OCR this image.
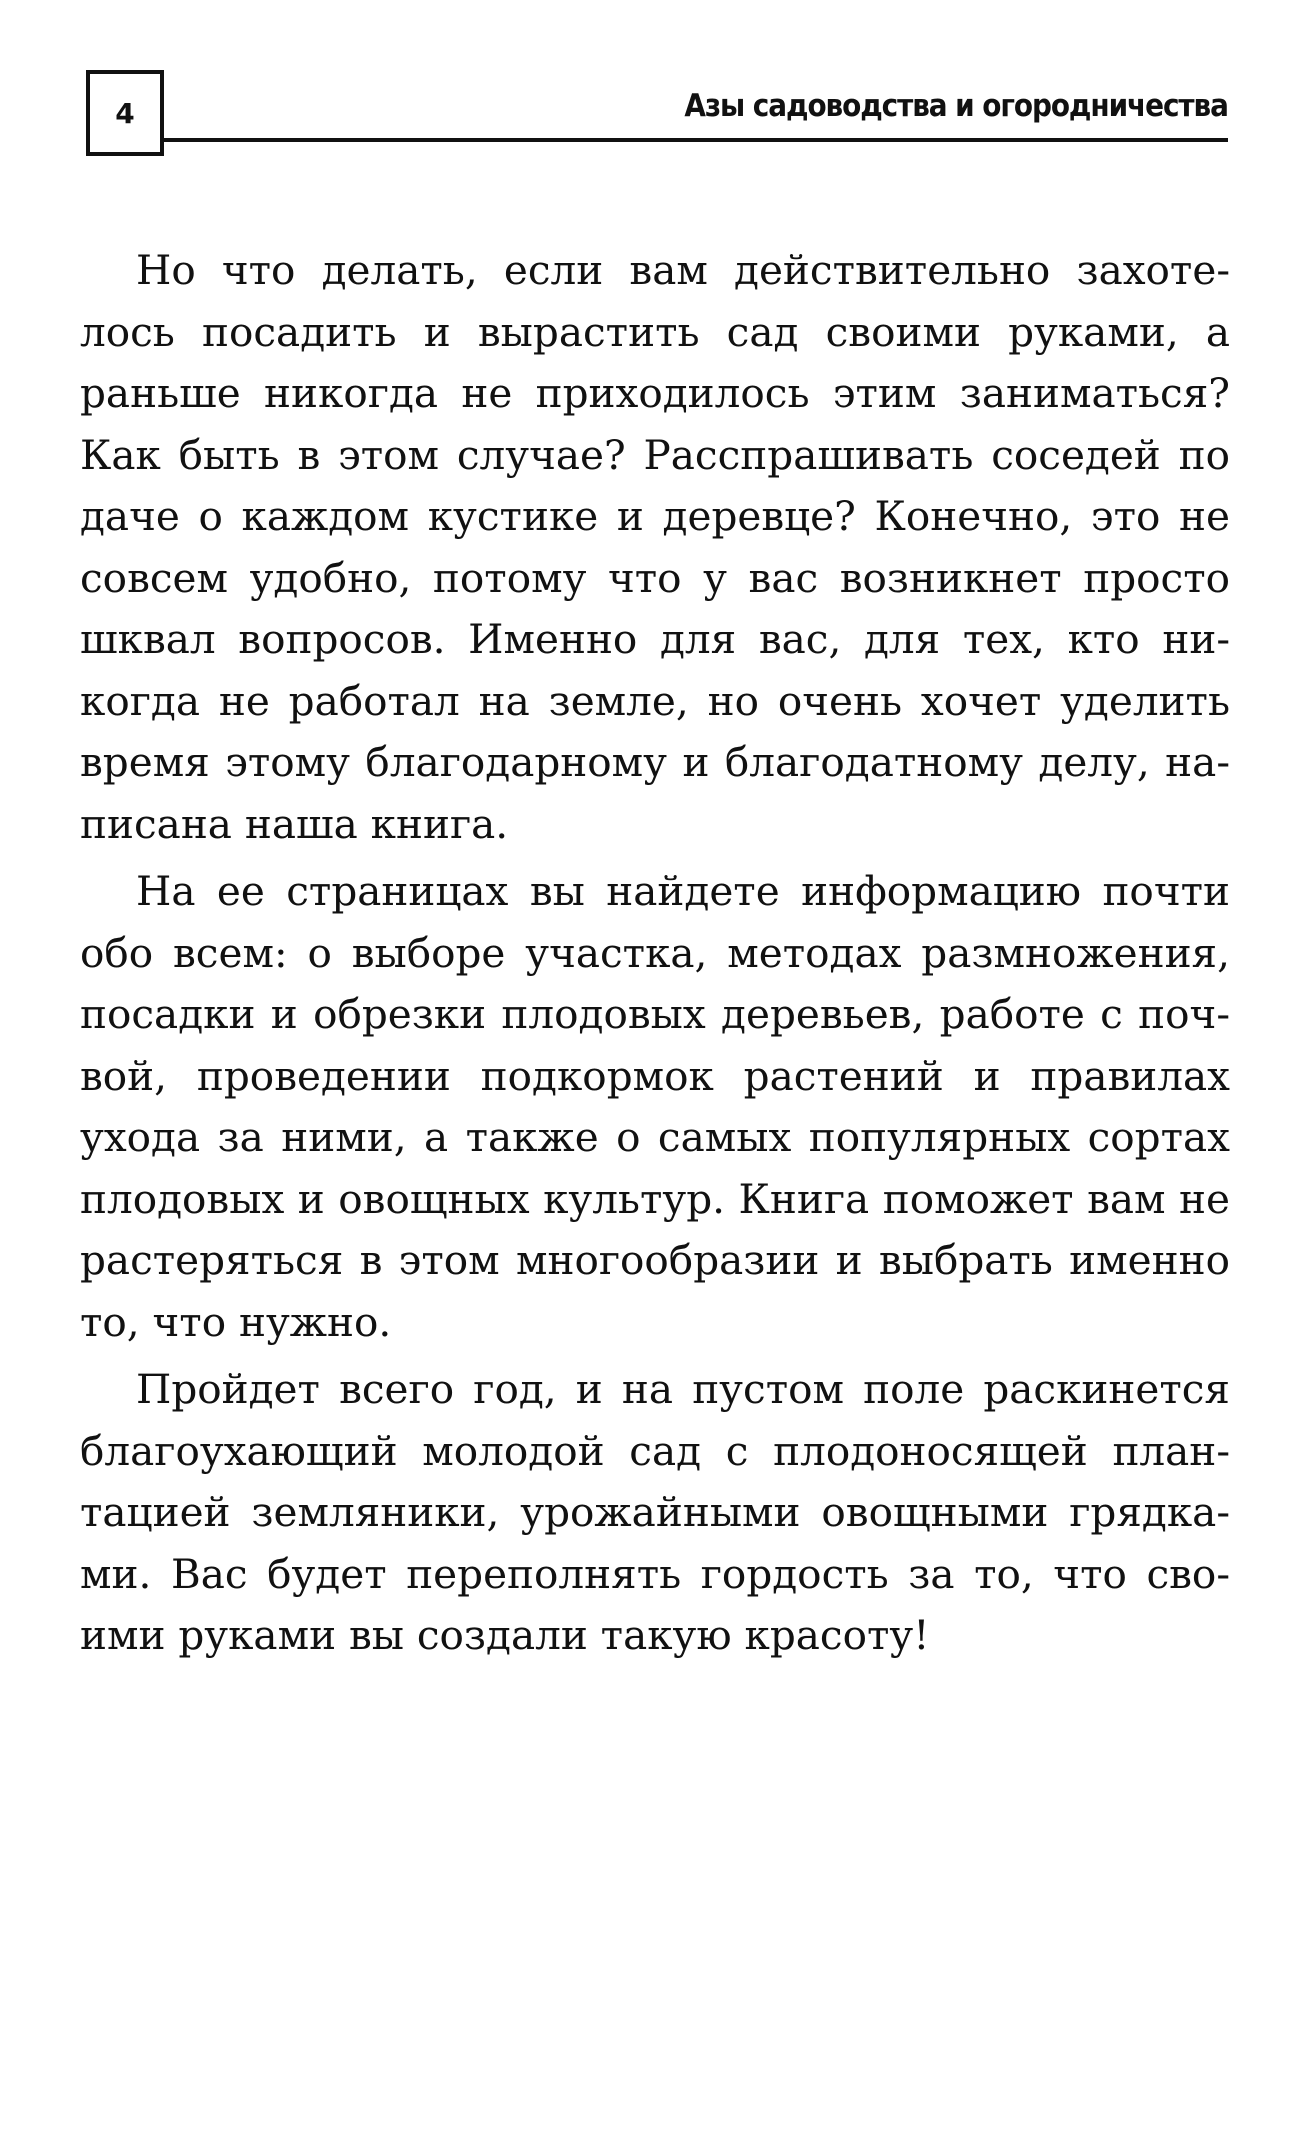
4	Азы садоводства и огородничества

Но что делать, если вам действительно захотелось посадить и вырастить сад своими руками, а раньше никогда не приходилось этим заниматься? Как быть в этом случае? Расспрашивать соседей по даче о каждом кустике и деревце? Конечно, это не совсем удобно, потому что у вас возникнет просто шквал вопросов. Именно для вас, для тех, кто никогда не работал на земле, но очень хочет уделить время этому благодарному и благодатному делу, написана наша книга.

На ее страницах вы найдете информацию почти обо всем: о выборе участка, методах размножения, посадки и обрезки плодовых деревьев, работе с почвой, проведении подкормок растений и правилах ухода за ними, а также о самых популярных сортах плодовых и овощных культур. Книга поможет вам не растеряться в этом многообразии и выбрать именно то, что нужно.

Пройдет всего год, и на пустом поле раскинется благоухающий молодой сад с плодоносящей плантацией земляники, урожайными овощными грядками. Вас будет переполнять гордость за то, что своими руками вы создали такую красоту!
